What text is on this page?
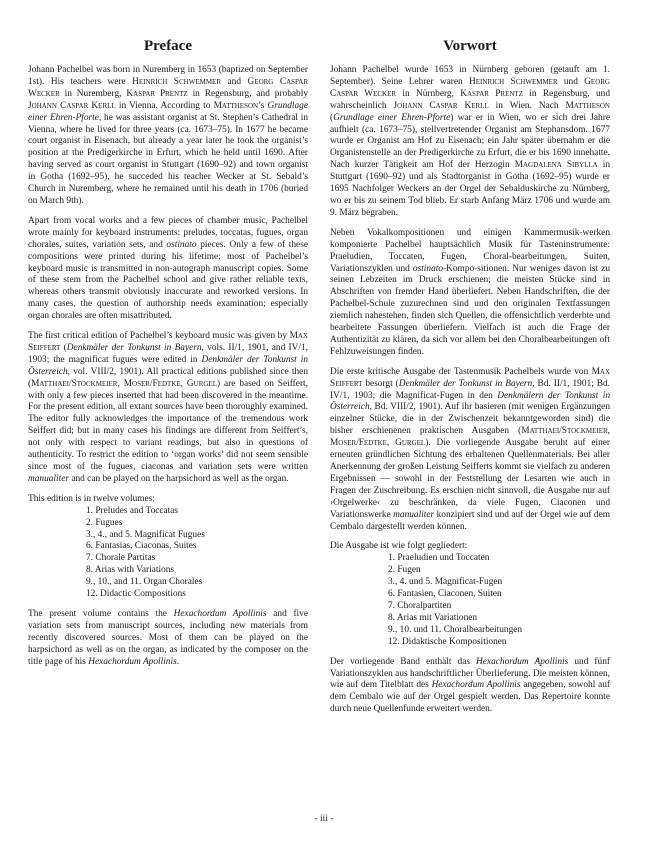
Preface

Johann Pachelbel was born in Nuremberg in 1653 (baptized on September 1st). His teachers were Heinrich Schwemmer and Georg Caspar Wecker in Nuremberg, Kaspar Prentz in Regensburg, and probably Johann Caspar Kerll in Vienna. According to Mattheson’s Grundlage einer Ehren-Pforte, he was assistant organist at St. Stephen’s Cathedral in Vienna, where he lived for three years (ca. 1673–75). In 1677 he became court organist in Eisenach, but already a year later he took the organist’s position at the Predigerkirche in Erfurt, which he held until 1690. After having served as court organist in Stuttgart (1690–92) and town organist in Gotha (1692–95), he succeded his teacher Wecker at St. Sebald’s Church in Nuremberg, where he remained until his death in 1706 (buried on March 9th).

Apart from vocal works and a few pieces of chamber music, Pachelbel wrote mainly for keyboard instruments: preludes, toccatas, fugues, organ chorales, suites, variation sets, and ostinato pieces. Only a few of these compositions were printed during his lifetime; most of Pachelbel’s keyboard music is transmitted in non-autograph manuscript copies. Some of these stem from the Pachelbel school and give rather reliable texts, whereas others transmit obviously inaccurate and reworked versions. In many cases, the question of authorship needs examination; especially organ chorales are often misattributed.

The first critical edition of Pachelbel’s keyboard music was given by Max Seiffert (Denkmäler der Tonkunst in Bayern, vols. II/1, 1901, and IV/1, 1903; the magnificat fugues were edited in Denkmäler der Tonkunst in Österreich, vol. VIII/2, 1901). All practical editions published since then (Matthaei/Stockmeier, Moser/Fedtke, Gurgel) are based on Seiffert, with only a few pieces inserted that had been discovered in the meantime. For the present edition, all extant sources have been thoroughly examined. The editor fully acknowledges the importance of the tremendous work Seiffert did; but in many cases his findings are different from Seiffert’s, not only with respect to variant readings, but also in questions of authenticity. To restrict the edition to ‘organ works’ did not seem sensible since most of the fugues, ciaconas and variation sets were written manualiter and can be played on the harpsichord as well as the organ.

This edition is in twelve volumes:

1. Preludes and Toccatas
2. Fugues
3., 4., and 5. Magnificat Fugues
6. Fantasias, Ciaconas, Suites
7. Chorale Partitas
8. Arias with Variations
9., 10., and 11. Organ Chorales
12. Didactic Compositions

The present volume contains the Hexachordum Apollinis and five variation sets from manuscript sources, including new materials from recently discovered sources. Most of them can be played on the harpsichord as well as on the organ, as indicated by the composer on the title page of his Hexachordum Apollinis.

Vorwort

Johann Pachelbel wurde 1653 in Nürnberg geboren (getauft am 1. September). Seine Lehrer waren Heinrich Schwemmer und Georg Caspar Wecker in Nürnberg, Kaspar Prentz in Regensburg, und wahrscheinlich Johann Caspar Kerll in Wien. Nach Mattheson (Grundlage einer Ehren-Pforte) war er in Wien, wo er sich drei Jahre aufhielt (ca. 1673–75), stellvertretender Organist am Stephansdom. 1677 wurde er Organist am Hof zu Eisenach; ein Jahr später übernahm er die Organistenstelle an der Predigerkirche zu Erfurt, die er bis 1690 innehatte. Nach kurzer Tätigkeit am Hof der Herzogin Magdalena Sibylla in Stuttgart (1690–92) und als Stadtorganist in Gotha (1692–95) wurde er 1695 Nachfolger Weckers an der Orgel der Sebalduskirche zu Nürnberg, wo er bis zu seinem Tod blieb. Er starb Anfang März 1706 und wurde am 9. März begraben.

Neben Vokalkompositionen und einigen Kammermusik-werken komponierte Pachelbel hauptsächlich Musik für Tasteninstrumente: Praeludien, Toccaten, Fugen, Choral-bearbeitungen, Suiten, Variationszyklen und ostinato-Kompo-sitionen. Nur weniges davon ist zu seinen Lebzeiten im Druck erschienen; die meisten Stücke sind in Abschriften von fremder Hand überliefert. Neben Handschriften, die der Pachelbel-Schule zuzurechnen sind und den originalen Textfassungen ziemlich nahestehen, finden sich Quellen, die offensichtlich verderbte und bearbeitete Fassungen überliefern. Vielfach ist auch die Frage der Authentizität zu klären, da sich vor allem bei den Choralbearbeitungen oft Fehlzuweisungen finden.

Die erste kritische Ausgabe der Tastenmusik Pachelbels wurde von Max Seiffert besorgt (Denkmäler der Tonkunst in Bayern, Bd. II/1, 1901; Bd. IV/1, 1903; die Magnificat-Fugen in den Denkmälern der Tonkunst in Österreich, Bd. VIII/2, 1901). Auf ihr basieren (mit wenigen Ergänzungen einzelner Stücke, die in der Zwischenzeit bekanntgeworden sind) die bisher erschienenen praktischen Ausgaben (Matthaei/Stockmeier, Moser/Fedtke, Gurgel). Die vorliegende Ausgabe beruht auf einer erneuten gründlichen Sichtung des erhaltenen Quellenmaterials. Bei aller Anerkennung der großen Leistung Seifferts kommt sie vielfach zu anderen Ergebnissen — sowohl in der Feststellung der Lesarten wie auch in Fragen der Zuschreibung. Es erschien nicht sinnvoll, die Ausgabe nur auf ›Orgelwerke‹ zu beschränken, da viele Fugen, Ciaconen und Variationswerke manualiter konzipiert sind und auf der Orgel wie auf dem Cembalo dargestellt werden können.

Die Ausgabe ist wie folgt gegliedert:

1. Praeludien und Toccaten
2. Fugen
3., 4. und 5. Magnificat-Fugen
6. Fantasien, Ciaconen, Suiten
7. Choralpartiten
8. Arias mit Variationen
9., 10. und 11. Choralbearbeitungen
12. Didaktische Kompositionen

Der vorliegende Band enthält das Hexachordum Apollinis und fünf Variationszyklen aus handschriftlicher Überlieferung. Die meisten können, wie auf dem Titelblatt des Hexachordum Apollinis angegeben, sowohl auf dem Cembalo wie auf der Orgel gespielt werden. Das Repertoire konnte durch neue Quellenfunde erweitert werden.

- iii -
